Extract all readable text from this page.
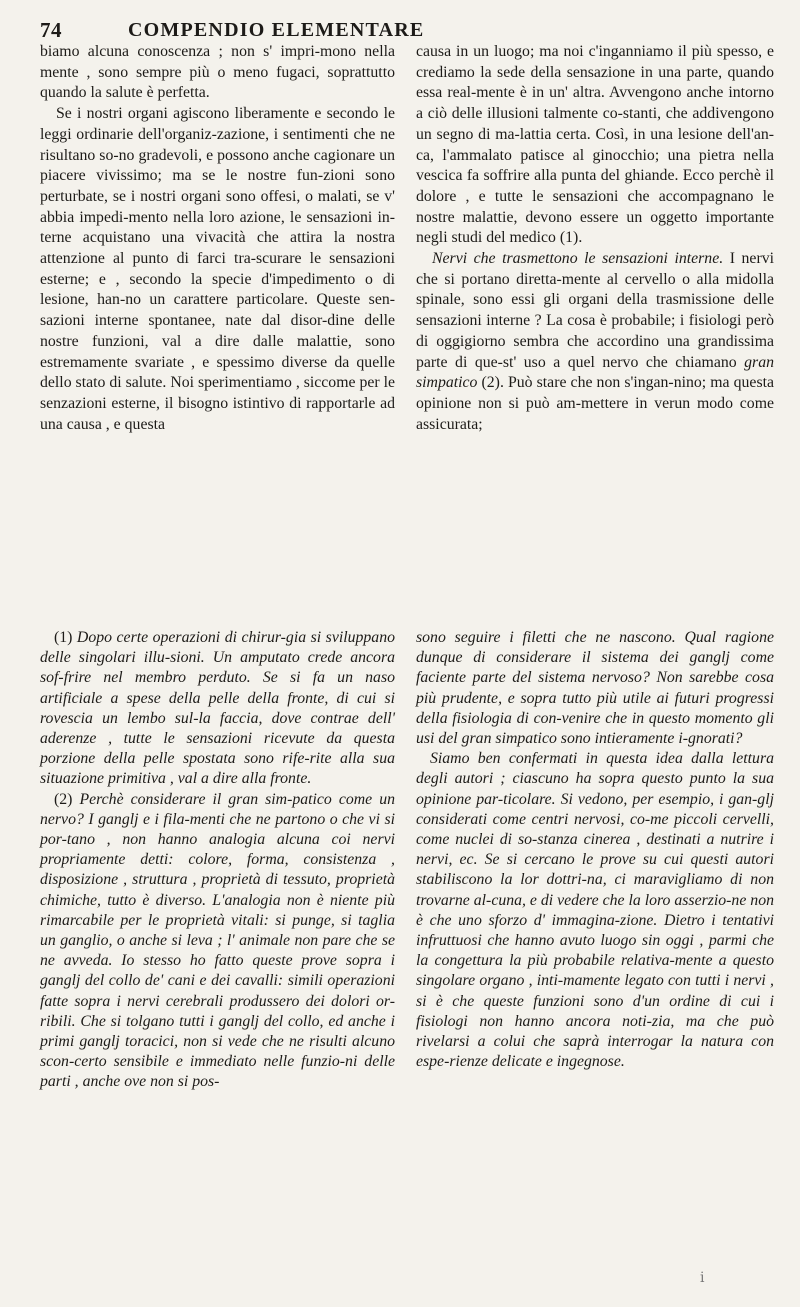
74	COMPENDIO ELEMENTARE

biamo alcuna conoscenza ; non s' impri-mono nella mente , sono sempre più o meno fugaci, soprattutto quando la salute è perfetta.

Se i nostri organi agiscono liberamente e secondo le leggi ordinarie dell'organiz-zazione, i sentimenti che ne risultano so-no gradevoli, e possono anche cagionare un piacere vivissimo; ma se le nostre fun-zioni sono perturbate, se i nostri organi sono offesi, o malati, se v' abbia impedi-mento nella loro azione, le sensazioni in-terne acquistano una vivacità che attira la nostra attenzione al punto di farci tra-scurare le sensazioni esterne; e , secondo la specie d'impedimento o di lesione, han-no un carattere particolare. Queste sen-sazioni interne spontanee, nate dal disor-dine delle nostre funzioni, val a dire dalle malattie, sono estremamente svariate , e spessimo diverse da quelle dello stato di salute. Noi sperimentiamo , siccome per le senzazioni esterne, il bisogno istintivo di rapportarle ad una causa , e questa

causa in un luogo; ma noi c'inganniamo il più spesso, e crediamo la sede della sensazione in una parte, quando essa real-mente è in un' altra. Avvengono anche intorno a ciò delle illusioni talmente co-stanti, che addivengono un segno di ma-lattia certa. Così, in una lesione dell'an-ca, l'ammalato patisce al ginocchio; una pietra nella vescica fa soffrire alla punta del ghiande. Ecco perchè il dolore , e tutte le sensazioni che accompagnano le nostre malattie, devono essere un oggetto importante negli studi del medico (1).

Nervi che trasmettono le sensazioni interne. I nervi che si portano diretta-mente al cervello o alla midolla spinale, sono essi gli organi della trasmissione delle sensazioni interne ? La cosa è probabile; i fisiologi però di oggigiorno sembra che accordino una grandissima parte di que-st' uso a quel nervo che chiamano gran simpatico (2). Può stare che non s'ingan-nino; ma questa opinione non si può am-mettere in verun modo come assicurata;

(1) Dopo certe operazioni di chirur-gia si sviluppano delle singolari illu-sioni. Un amputato crede ancora sof-frire nel membro perduto. Se si fa un naso artificiale a spese della pelle della fronte, di cui si rovescia un lembo sul-la faccia, dove contrae dell' aderenze , tutte le sensazioni ricevute da questa porzione della pelle spostata sono rife-rite alla sua situazione primitiva , val a dire alla fronte.

(2) Perchè considerare il gran sim-patico come un nervo? I ganglj e i fila-menti che ne partono o che vi si por-tano , non hanno analogia alcuna coi nervi propriamente detti: colore, forma, consistenza , disposizione , struttura , proprietà di tessuto, proprietà chimiche, tutto è diverso. L'analogia non è niente più rimarcabile per le proprietà vitali: si punge, si taglia un ganglio, o anche si leva ; l' animale non pare che se ne avveda. Io stesso ho fatto queste prove sopra i ganglj del collo de' cani e dei cavalli: simili operazioni fatte sopra i nervi cerebrali produssero dei dolori or-ribili. Che si tolgano tutti i ganglj del collo, ed anche i primi ganglj toracici, non si vede che ne risulti alcuno scon-certo sensibile e immediato nelle funzio-ni delle parti , anche ove non si pos-

sono seguire i filetti che ne nascono. Qual ragione dunque di considerare il sistema dei ganglj come faciente parte del sistema nervoso? Non sarebbe cosa più prudente, e sopra tutto più utile ai futuri progressi della fisiologia di con-venire che in questo momento gli usi del gran simpatico sono intieramente i-gnorati?

Siamo ben confermati in questa idea dalla lettura degli autori ; ciascuno ha sopra questo punto la sua opinione par-ticolare. Si vedono, per esempio, i gan-glj considerati come centri nervosi, co-me piccoli cervelli, come nuclei di so-stanza cinerea , destinati a nutrire i nervi, ec. Se si cercano le prove su cui questi autori stabiliscono la lor dottri-na, ci maravigliamo di non trovarne al-cuna, e di vedere che la loro asserzio-ne non è che uno sforzo d' immagina-zione. Dietro i tentativi infruttuosi che hanno avuto luogo sin oggi , parmi che la congettura la più probabile relativa-mente a questo singolare organo , inti-mamente legato con tutti i nervi , si è che queste funzioni sono d'un ordine di cui i fisiologi non hanno ancora noti-zia, ma che può rivelarsi a colui che saprà interrogar la natura con espe-rienze delicate e ingegnose.

i
